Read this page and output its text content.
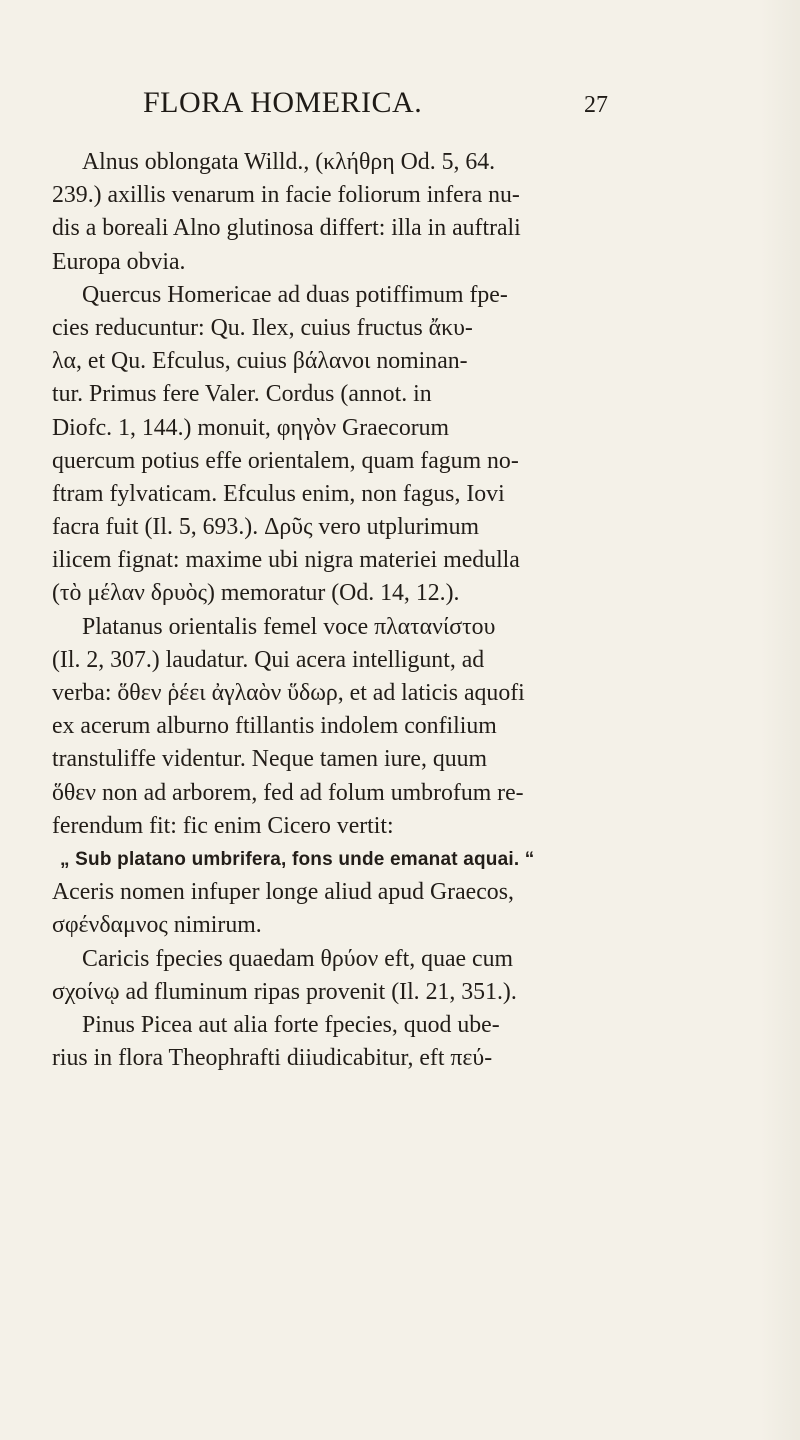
FLORA HOMERICA.	27
Alnus oblongata Willd., (κλήθρη Od. 5, 64.
239.) axillis venarum in facie foliorum infera nu-
dis a boreali Alno glutinosa differt: illa in auftrali
Europa obvia.
Quercus Homericae ad duas potiffimum fpe-
cies reducuntur: Qu. Ilex, cuius fructus ἄκυ-
λα, et Qu. Efculus, cuius βάλανοι nominan-
tur. Primus fere Valer. Cordus (annot. in
Diofc. 1, 144.) monuit, φηγὸν Graecorum
quercum potius effe orientalem, quam fagum no-
ftram fylvaticam. Efculus enim, non fagus, Iovi
facra fuit (Il. 5, 693.). Δρῦς vero utplurimum
ilicem fignat: maxime ubi nigra materiei medulla
(τὸ μέλαν δρυὸς) memoratur (Od. 14, 12.).
Platanus orientalis femel voce πλατανίστου
(Il. 2, 307.) laudatur. Qui acera intelligunt, ad
verba: ὅθεν ῥέει ἀγλαὸν ὕδωρ, et ad laticis aquofi
ex acerum alburno ftillantis indolem confilium
transtuliffe videntur. Neque tamen iure, quum
ὅθεν non ad arborem, fed ad folum umbrofum re-
ferendum fit: fic enim Cicero vertit:
„ Sub platano umbrifera, fons unde emanat aquai. “
Aceris nomen infuper longe aliud apud Graecos,
σφένδαμνος nimirum.
Caricis fpecies quaedam θρύον eft, quae cum
σχοίνῳ ad fluminum ripas provenit (Il. 21, 351.).
Pinus Picea aut alia forte fpecies, quod ube-
rius in flora Theophrafti diiudicabitur, eft πεύ-
